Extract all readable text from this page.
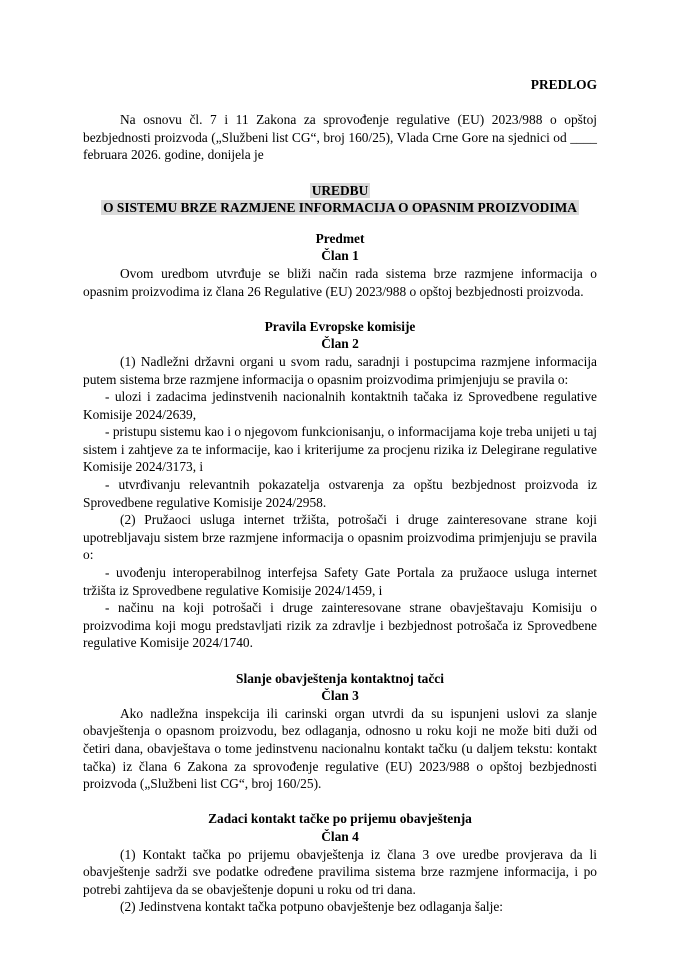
PREDLOG
Na osnovu čl. 7 i 11 Zakona za sprovođenje regulative (EU) 2023/988 o opštoj bezbjednosti proizvoda („Službeni list CG“, broj 160/25), Vlada Crne Gore na sjednici od ____ februara 2026. godine, donijela je
UREDBU
O SISTEMU BRZE RAZMJENE INFORMACIJA O OPASNIM PROIZVODIMA
Predmet
Član 1
Ovom uredbom utvrđuje se bliži način rada sistema brze razmjene informacija o opasnim proizvodima iz člana 26 Regulative (EU) 2023/988 o opštoj bezbjednosti proizvoda.
Pravila Evropske komisije
Član 2
(1) Nadležni državni organi u svom radu, saradnji i postupcima razmjene informacija putem sistema brze razmjene informacija o opasnim proizvodima primjenjuju se pravila o:
- ulozi i zadacima jedinstvenih nacionalnih kontaktnih tačaka iz Sprovedbene regulative Komisije 2024/2639,
- pristupu sistemu kao i o njegovom funkcionisanju, o informacijama koje treba unijeti u taj sistem i zahtjeve za te informacije, kao i kriterijume za procjenu rizika iz Delegirane regulative Komisije 2024/3173, i
- utvrđivanju relevantnih pokazatelja ostvarenja za opštu bezbjednost proizvoda iz Sprovedbene regulative Komisije 2024/2958.
(2) Pružaoci usluga internet tržišta, potrošači i druge zainteresovane strane koji upotrebljavaju sistem brze razmjene informacija o opasnim proizvodima primjenjuju se pravila o:
- uvođenju interoperabilnog interfejsa Safety Gate Portala za pružaoce usluga internet tržišta iz Sprovedbene regulative Komisije 2024/1459, i
- načinu na koji potrošači i druge zainteresovane strane obavještavaju Komisiju o proizvodima koji mogu predstavljati rizik za zdravlje i bezbjednost potrošača iz Sprovedbene regulative Komisije 2024/1740.
Slanje obavještenja kontaktnoj tačci
Član 3
Ako nadležna inspekcija ili carinski organ utvrdi da su ispunjeni uslovi za slanje obavještenja o opasnom proizvodu, bez odlaganja, odnosno u roku koji ne može biti duži od četiri dana, obavještava o tome jedinstvenu nacionalnu kontakt tačku (u daljem tekstu: kontakt tačka) iz člana 6 Zakona za sprovođenje regulative (EU) 2023/988 o opštoj bezbjednosti proizvoda („Službeni list CG“, broj 160/25).
Zadaci kontakt tačke po prijemu obavještenja
Član 4
(1) Kontakt tačka po prijemu obavještenja iz člana 3 ove uredbe provjerava da li obavještenje sadrži sve podatke određene pravilima sistema brze razmjene informacija, i po potrebi zahtijeva da se obavještenje dopuni u roku od tri dana.
(2) Jedinstvena kontakt tačka potpuno obavještenje bez odlaganja šalje:
